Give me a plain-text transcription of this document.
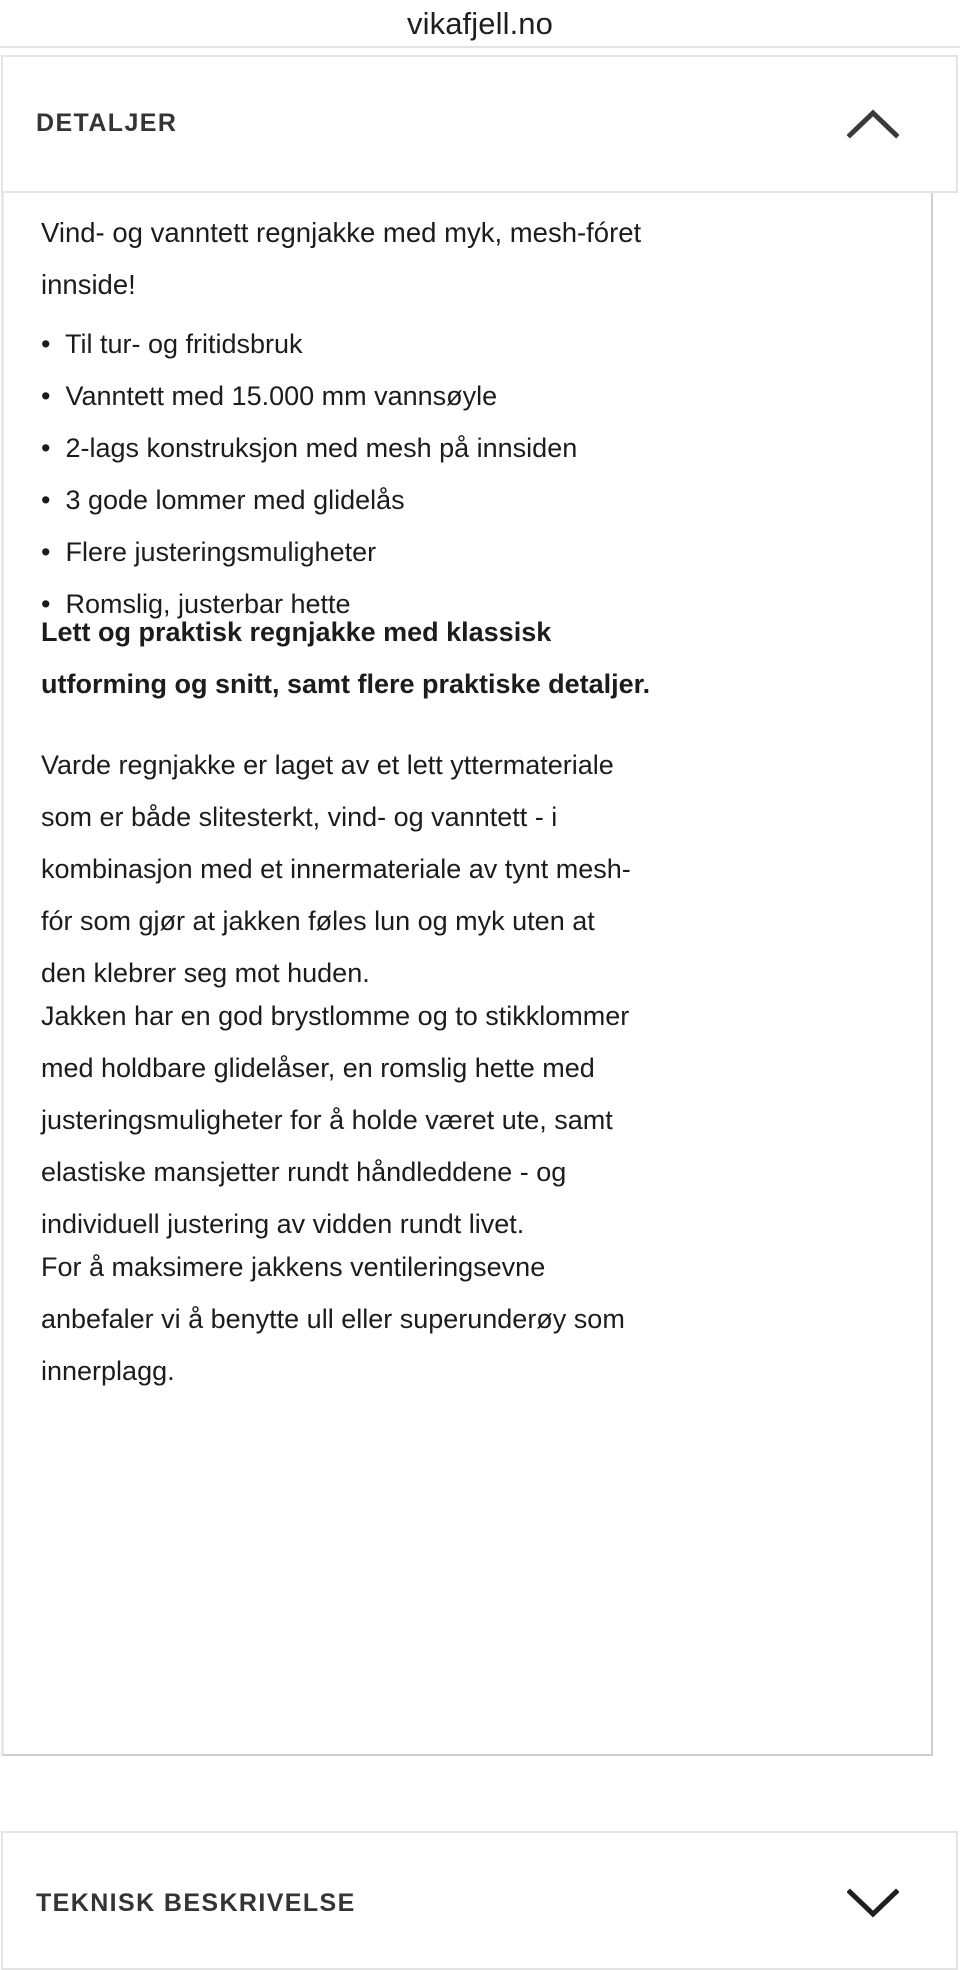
vikafjell.no
DETALJER
Vind- og vanntett regnjakke med myk, mesh-fóret
innside!
•  Til tur- og fritidsbruk
•  Vanntett med 15.000 mm vannsøyle
•  2-lags konstruksjon med mesh på innsiden
•  3 gode lommer med glidelås
•  Flere justeringsmuligheter
•  Romslig, justerbar hette
Lett og praktisk regnjakke med klassisk
utforming og snitt, samt flere praktiske detaljer.
Varde regnjakke er laget av et lett yttermateriale
som er både slitesterkt, vind- og vanntett - i
kombinasjon med et innermateriale av tynt mesh-
fór som gjør at jakken føles lun og myk uten at
den klebrer seg mot huden.
Jakken har en god brystlomme og to stikklommer
med holdbare glidelåser, en romslig hette med
justeringsmuligheter for å holde været ute, samt
elastiske mansjetter rundt håndleddene - og
individuell justering av vidden rundt livet.
For å maksimere jakkens ventileringsevne
anbefaler vi å benytte ull eller superunderøy som
innerplagg.
TEKNISK BESKRIVELSE
